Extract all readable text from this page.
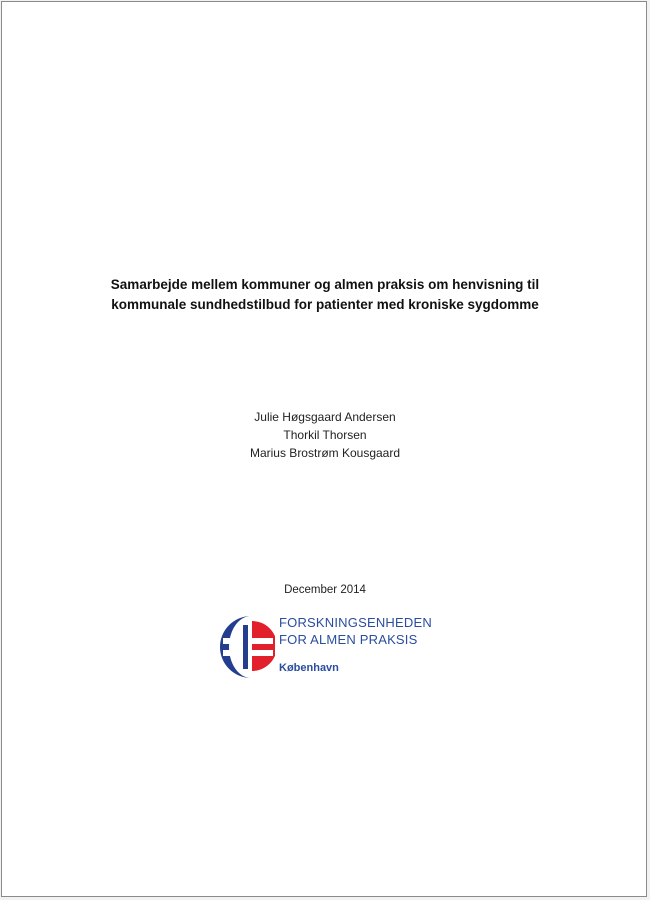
Samarbejde mellem kommuner og almen praksis om henvisning til
kommunale sundhedstilbud for patienter med kroniske sygdomme
Julie Høgsgaard Andersen
Thorkil Thorsen
Marius Brostrøm Kousgaard
December 2014
FORSKNINGSENHEDEN
FOR ALMEN PRAKSIS
København
